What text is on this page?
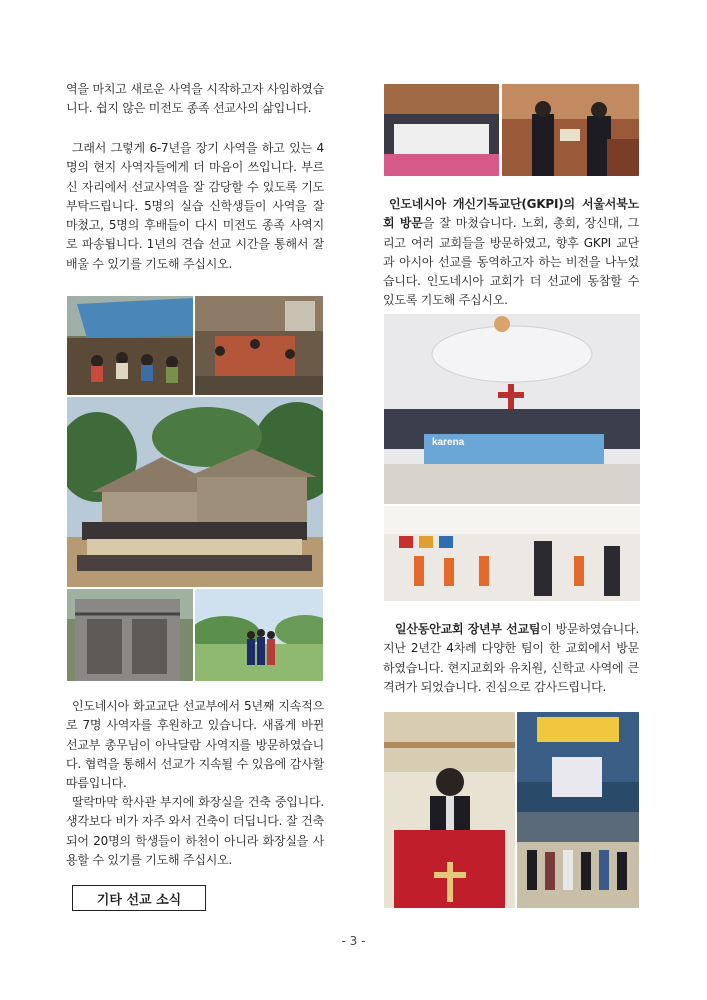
역을 마치고 새로운 사역을 시작하고자 사임하였습니다. 쉽지 않은 미전도 종족 선교사의 삶입니다.

그래서 그렇게 6-7년을 장기 사역을 하고 있는 4명의 현지 사역자들에게 더 마음이 쓰입니다. 부르신 자리에서 선교사역을 잘 감당할 수 있도록 기도 부탁드립니다. 5명의 실습 신학생들이 사역을 잘 마쳤고, 5명의 후배들이 다시 미전도 종족 사역지로 파송됩니다. 1년의 견습 선교 시간을 통해서 잘 배울 수 있기를 기도해 주십시오.

인도네시아 화교교단 선교부에서 5년째 지속적으로 7명 사역자를 후원하고 있습니다. 새롭게 바뀐 선교부 총무님이 아낙달람 사역지를 방문하였습니다. 협력을 통해서 선교가 지속될 수 있음에 감사할 따름입니다.

딸락마막 학사관 부지에 화장실을 건축 중입니다. 생각보다 비가 자주 와서 건축이 더딥니다. 잘 건축되어 20명의 학생들이 하천이 아니라 화장실을 사용할 수 있기를 기도해 주십시오.

기타 선교 소식

인도네시아 개신기독교단(GKPI)의 서울서북노회 방문을 잘 마쳤습니다. 노회, 총회, 장신대, 그리고 여러 교회들을 방문하였고, 향후 GKPI 교단과 아시아 선교를 동역하고자 하는 비전을 나누었습니다. 인도네시아 교회가 더 선교에 동참할 수 있도록 기도해 주십시오.

karena

일산동안교회 장년부 선교팀이 방문하였습니다. 지난 2년간 4차례 다양한 팀이 한 교회에서 방문하였습니다. 현지교회와 유치원, 신학교 사역에 큰 격려가 되었습니다. 진심으로 감사드립니다.

- 3 -
